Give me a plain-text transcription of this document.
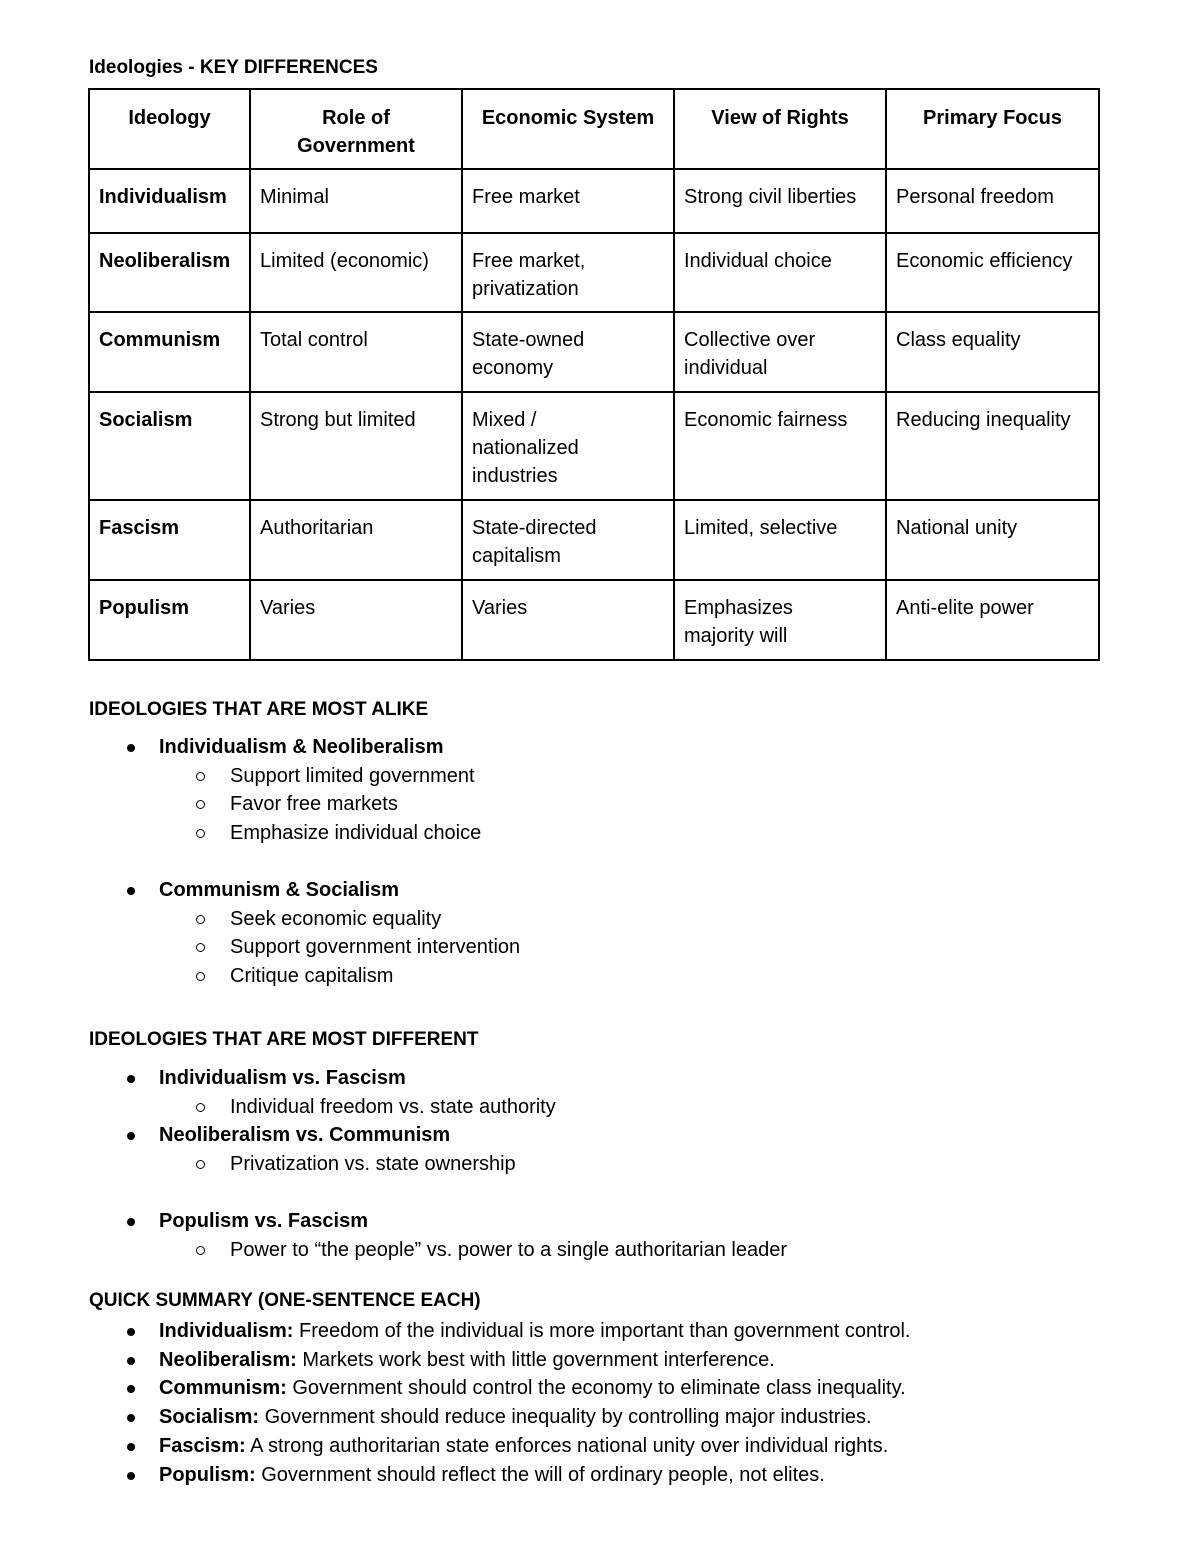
Ideologies - KEY DIFFERENCES
Ideology	Role of Government	Economic System	View of Rights	Primary Focus
Individualism	Minimal	Free market	Strong civil liberties	Personal freedom
Neoliberalism	Limited (economic)	Free market, privatization	Individual choice	Economic efficiency
Communism	Total control	State-owned economy	Collective over individual	Class equality
Socialism	Strong but limited	Mixed / nationalized industries	Economic fairness	Reducing inequality
Fascism	Authoritarian	State-directed capitalism	Limited, selective	National unity
Populism	Varies	Varies	Emphasizes majority will	Anti-elite power
IDEOLOGIES THAT ARE MOST ALIKE
Individualism & Neoliberalism
Support limited government
Favor free markets
Emphasize individual choice
Communism & Socialism
Seek economic equality
Support government intervention
Critique capitalism
IDEOLOGIES THAT ARE MOST DIFFERENT
Individualism vs. Fascism
Individual freedom vs. state authority
Neoliberalism vs. Communism
Privatization vs. state ownership
Populism vs. Fascism
Power to “the people” vs. power to a single authoritarian leader
QUICK SUMMARY (ONE-SENTENCE EACH)
Individualism: Freedom of the individual is more important than government control.
Neoliberalism: Markets work best with little government interference.
Communism: Government should control the economy to eliminate class inequality.
Socialism: Government should reduce inequality by controlling major industries.
Fascism: A strong authoritarian state enforces national unity over individual rights.
Populism: Government should reflect the will of ordinary people, not elites.
